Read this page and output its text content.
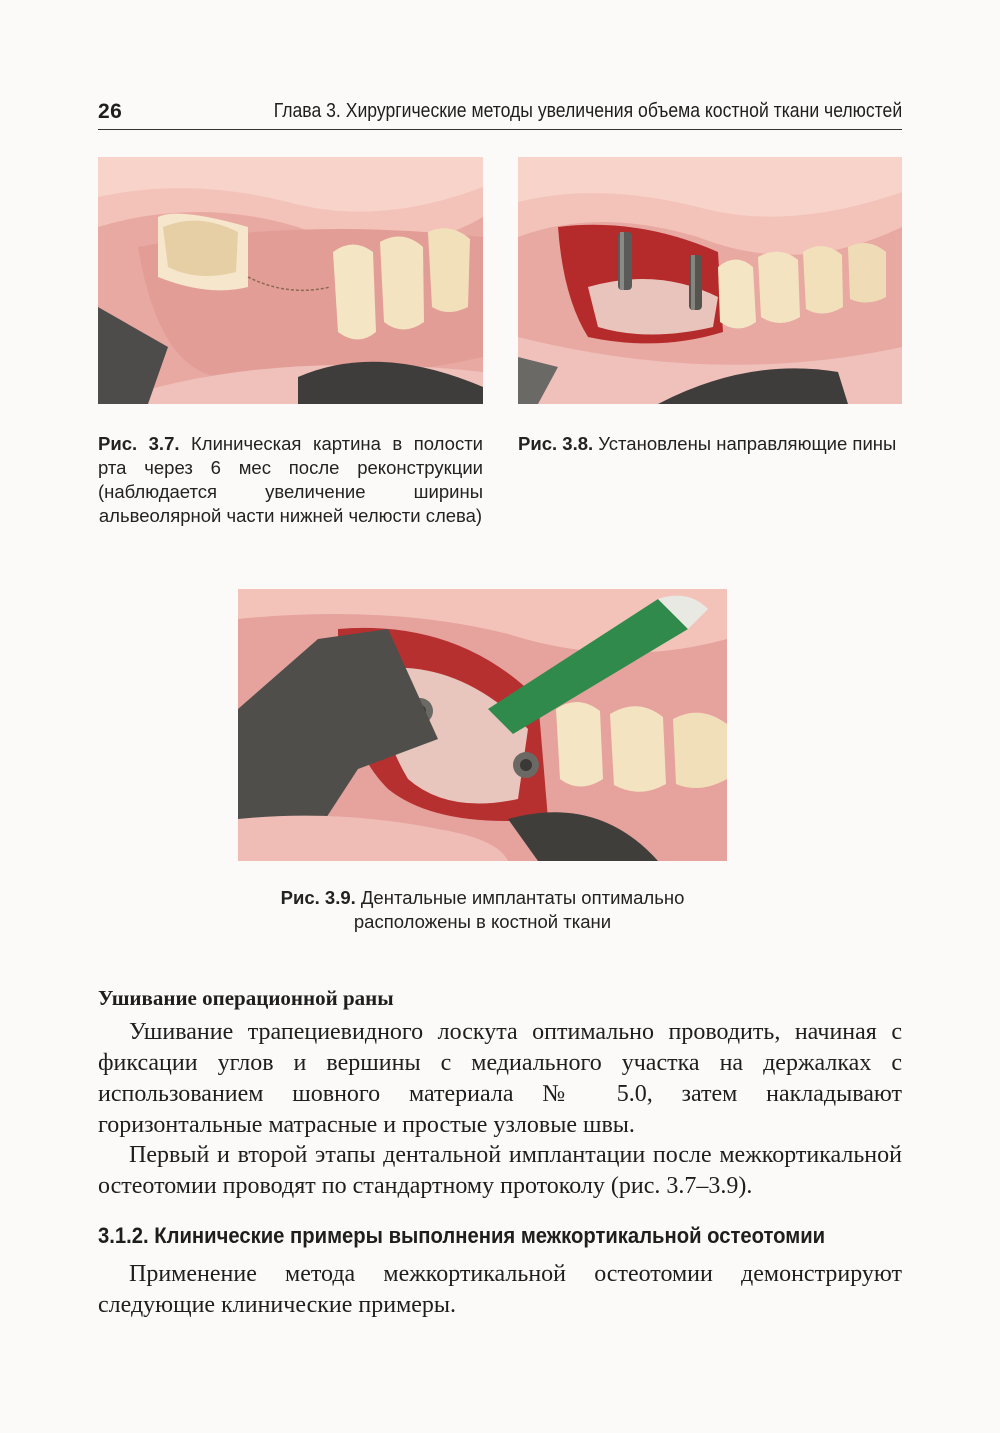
26	Глава 3. Хирургические методы увеличения объема костной ткани челюстей
Рис. 3.7. Клиническая картина в полости рта через 6 мес после реконструкции (наблюдается увеличение ширины альвеолярной части нижней челюсти слева)
Рис. 3.8. Установлены направляющие пины
Рис. 3.9. Дентальные имплантаты оптимально расположены в костной ткани
Ушивание операционной раны

Ушивание трапециевидного лоскута оптимально проводить, начиная с фиксации углов и вершины с медиального участка на держалках с использованием шовного материала № 5.0, затем накладывают горизонтальные матрасные и простые узловые швы.

Первый и второй этапы дентальной имплантации после межкортикальной остеотомии проводят по стандартному протоколу (рис. 3.7–3.9).

3.1.2. Клинические примеры выполнения межкортикальной остеотомии

Применение метода межкортикальной остеотомии демонстрируют следующие клинические примеры.
